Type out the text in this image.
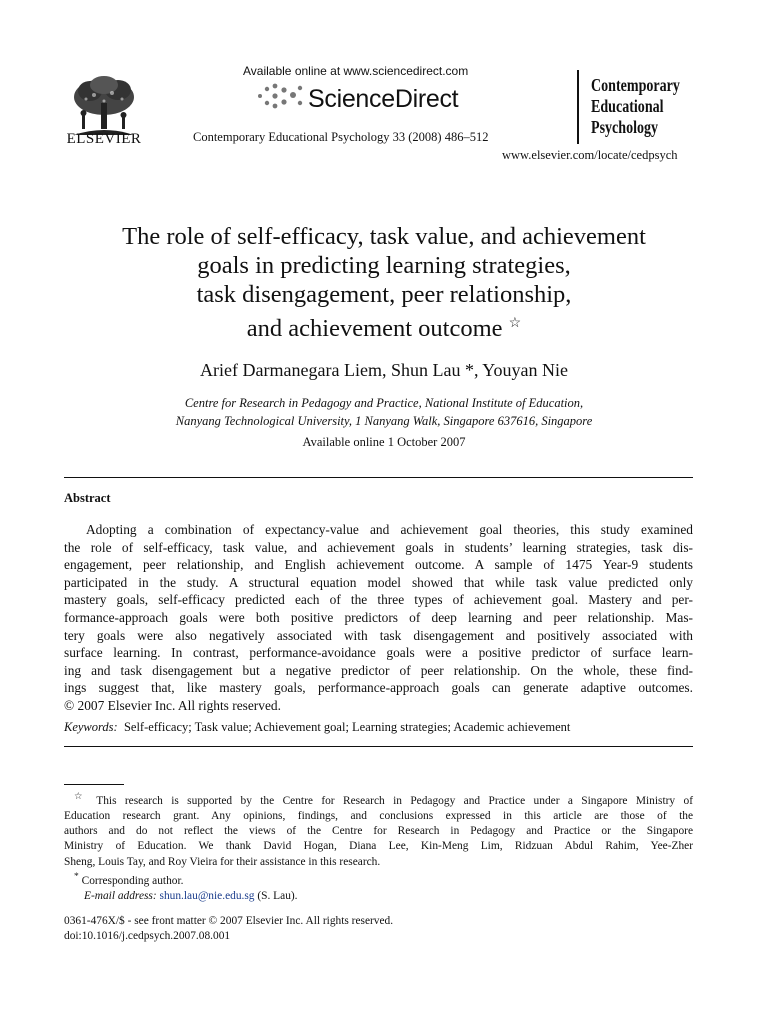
ELSEVIER
Available online at www.sciencedirect.com
ScienceDirect
Contemporary Educational Psychology 33 (2008) 486–512
Contemporary
Educational
Psychology
www.elsevier.com/locate/cedpsych
The role of self-efficacy, task value, and achievement
goals in predicting learning strategies,
task disengagement, peer relationship,
and achievement outcome ☆
Arief Darmanegara Liem, Shun Lau *, Youyan Nie
Centre for Research in Pedagogy and Practice, National Institute of Education,
Nanyang Technological University, 1 Nanyang Walk, Singapore 637616, Singapore
Available online 1 October 2007
Abstract
Adopting a combination of expectancy-value and achievement goal theories, this study examined
the role of self-efficacy, task value, and achievement goals in students’ learning strategies, task dis-
engagement, peer relationship, and English achievement outcome. A sample of 1475 Year-9 students
participated in the study. A structural equation model showed that while task value predicted only
mastery goals, self-efficacy predicted each of the three types of achievement goal. Mastery and per-
formance-approach goals were both positive predictors of deep learning and peer relationship. Mas-
tery goals were also negatively associated with task disengagement and positively associated with
surface learning. In contrast, performance-avoidance goals were a positive predictor of surface learn-
ing and task disengagement but a negative predictor of peer relationship. On the whole, these find-
ings suggest that, like mastery goals, performance-approach goals can generate adaptive outcomes.
© 2007 Elsevier Inc. All rights reserved.
Keywords: Self-efficacy; Task value; Achievement goal; Learning strategies; Academic achievement
☆ This research is supported by the Centre for Research in Pedagogy and Practice under a Singapore Ministry of
Education research grant. Any opinions, findings, and conclusions expressed in this article are those of the
authors and do not reflect the views of the Centre for Research in Pedagogy and Practice or the Singapore
Ministry of Education. We thank David Hogan, Diana Lee, Kin-Meng Lim, Ridzuan Abdul Rahim, Yee-Zher
Sheng, Louis Tay, and Roy Vieira for their assistance in this research.
* Corresponding author.
E-mail address: shun.lau@nie.edu.sg (S. Lau).
0361-476X/$ - see front matter © 2007 Elsevier Inc. All rights reserved.
doi:10.1016/j.cedpsych.2007.08.001
